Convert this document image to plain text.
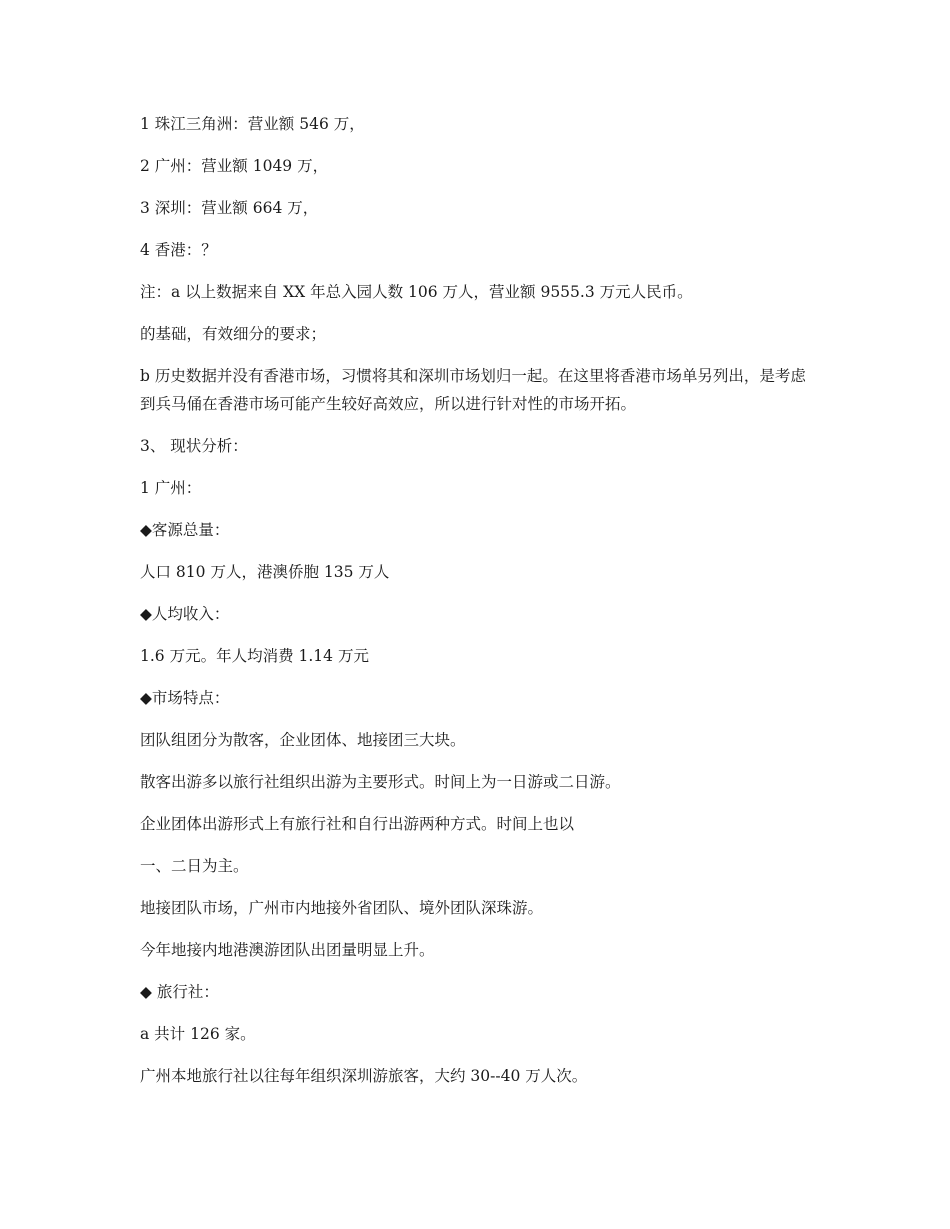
1 珠江三角洲：营业额 546 万，

2 广州：营业额 1049 万，

3 深圳：营业额 664 万，

4 香港：？

注：a 以上数据来自 XX 年总入园人数 106 万人，营业额 9555.3 万元人民币。

的基础，有效细分的要求；

b 历史数据并没有香港市场，习惯将其和深圳市场划归一起。在这里将香港市场单另列出，是考虑到兵马俑在香港市场可能产生较好高效应，所以进行针对性的市场开拓。

3、 现状分析：

1 广州：

◆客源总量：

人口 810 万人，港澳侨胞 135 万人

◆人均收入：

1.6 万元。年人均消费 1.14 万元

◆市场特点：

团队组团分为散客，企业团体、地接团三大块。

散客出游多以旅行社组织出游为主要形式。时间上为一日游或二日游。

企业团体出游形式上有旅行社和自行出游两种方式。时间上也以

一、二日为主。

地接团队市场，广州市内地接外省团队、境外团队深珠游。

今年地接内地港澳游团队出团量明显上升。

◆ 旅行社：

a 共计 126 家。

广州本地旅行社以往每年组织深圳游旅客，大约 30--40 万人次。
